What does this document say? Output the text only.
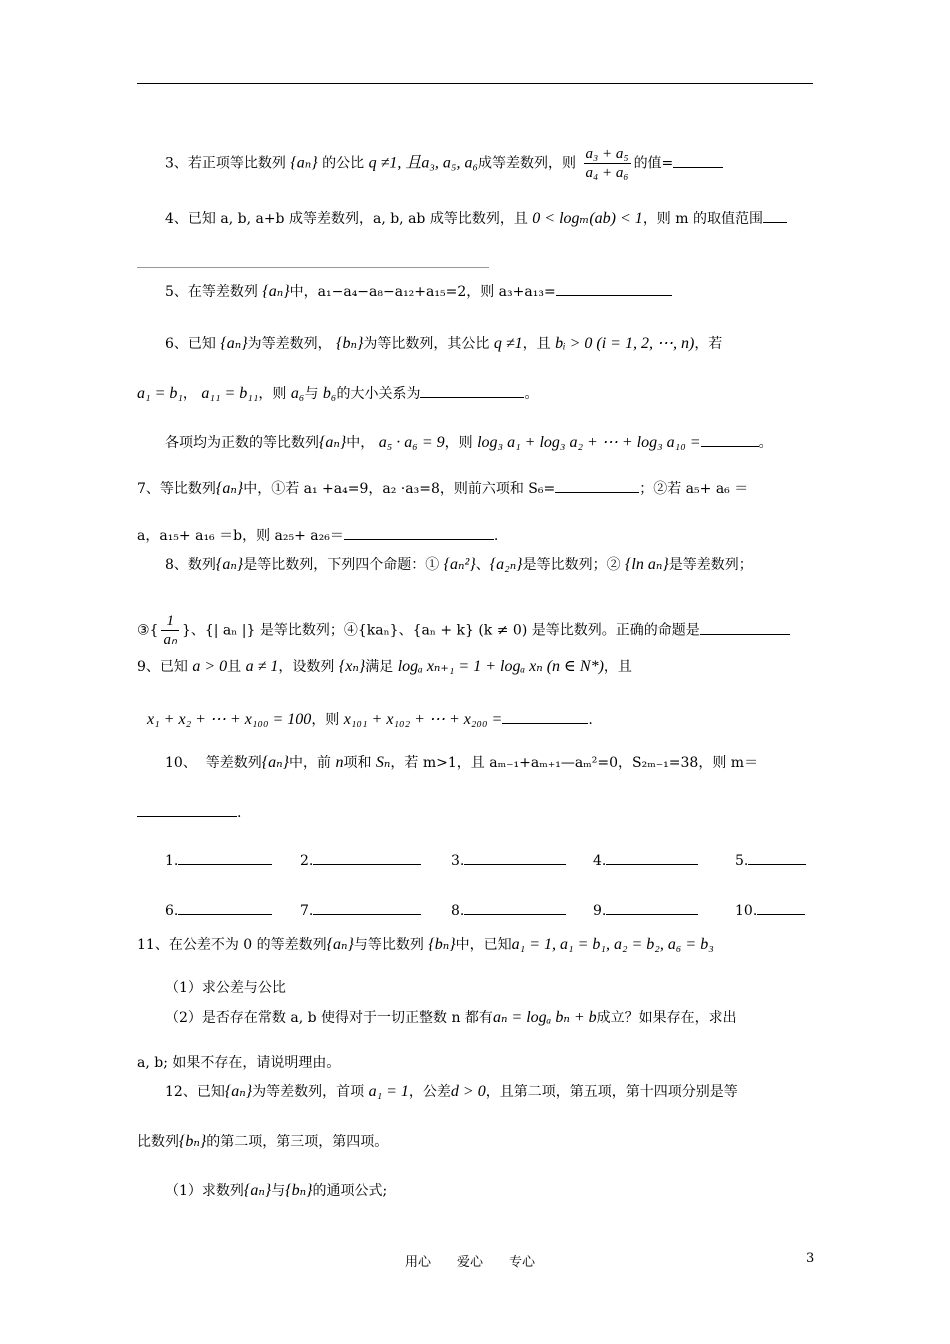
3、若正项等比数列 {aₙ} 的公比 q ≠1, 且a₃, a₅, a₆成等差数列，则 $\frac{\text{a₃ + a₅}}{\text{a₄ + a₆}}$ 的值=
4、已知 a, b, a+b 成等差数列，a, b, ab 成等比数列，且 0 < logₘ(ab) < 1，则 m 的取值范围
5、在等差数列 {aₙ}中，a₁−a₄−a₈−a₁₂+a₁₅=2，则 a₃+a₁₃=
6、已知 {aₙ}为等差数列， {bₙ}为等比数列，其公比 q ≠1，且 bᵢ > 0 (i = 1, 2, ⋯, n)，若
a₁ = b₁， a₁₁ = b₁₁，则 a₆与 b₆的大小关系为	。
各项均为正数的等比数列{aₙ}中， a₅ · a₆ = 9，则 log₃ a₁ + log₃ a₂ + ⋯ + log₃ a₁₀ =	。
7、等比数列{aₙ}中，①若 a₁ +a₄=9，a₂ ·a₃=8，则前六项和 S₆=	；②若 a₅+ a₆ ＝
a，a₁₅+ a₁₆ ＝b，则 a₂₅+ a₂₆＝	.
8、数列{aₙ}是等比数列，下列四个命题：① {aₙ²}、{a₂ₙ}是等比数列；② {ln aₙ}是等差数列；
③{ $\frac{1}{\text{aₙ}}$ }、{| aₙ |} 是等比数列；④{kaₙ}、{aₙ + k} (k ≠ 0) 是等比数列。正确的命题是
9、已知 a > 0且 a ≠ 1，设数列 {xₙ}满足 logₐ xₙ₊₁ = 1 + logₐ xₙ (n ∈ N*)，且
x₁ + x₂ + ⋯ + x₁₀₀ = 100，则 x₁₀₁ + x₁₀₂ + ⋯ + x₂₀₀ =	.
10、 等差数列{aₙ}中，前 n项和 Sₙ，若 m>1，且 aₘ₋₁+aₘ₊₁—aₘ²=0，S₂ₘ₋₁=38，则 m＝
.
1.	2.	3.	4.	5.
6.	7.	8.	9.	10.
11、在公差不为 0 的等差数列{aₙ}与等比数列 {bₙ}中，已知a₁ = 1, a₁ = b₁, a₂ = b₂, a₆ = b₃
（1）求公差与公比
（2）是否存在常数 a, b 使得对于一切正整数 n 都有aₙ = logₐ bₙ + b成立？如果存在，求出
a, b; 如果不存在，请说明理由。
12、已知{aₙ}为等差数列，首项 a₁ = 1，公差d > 0，且第二项，第五项，第十四项分别是等
比数列{bₙ}的第二项，第三项，第四项。
（1）求数列{aₙ}与{bₙ}的通项公式;
用心　　爱心　　专心	3
